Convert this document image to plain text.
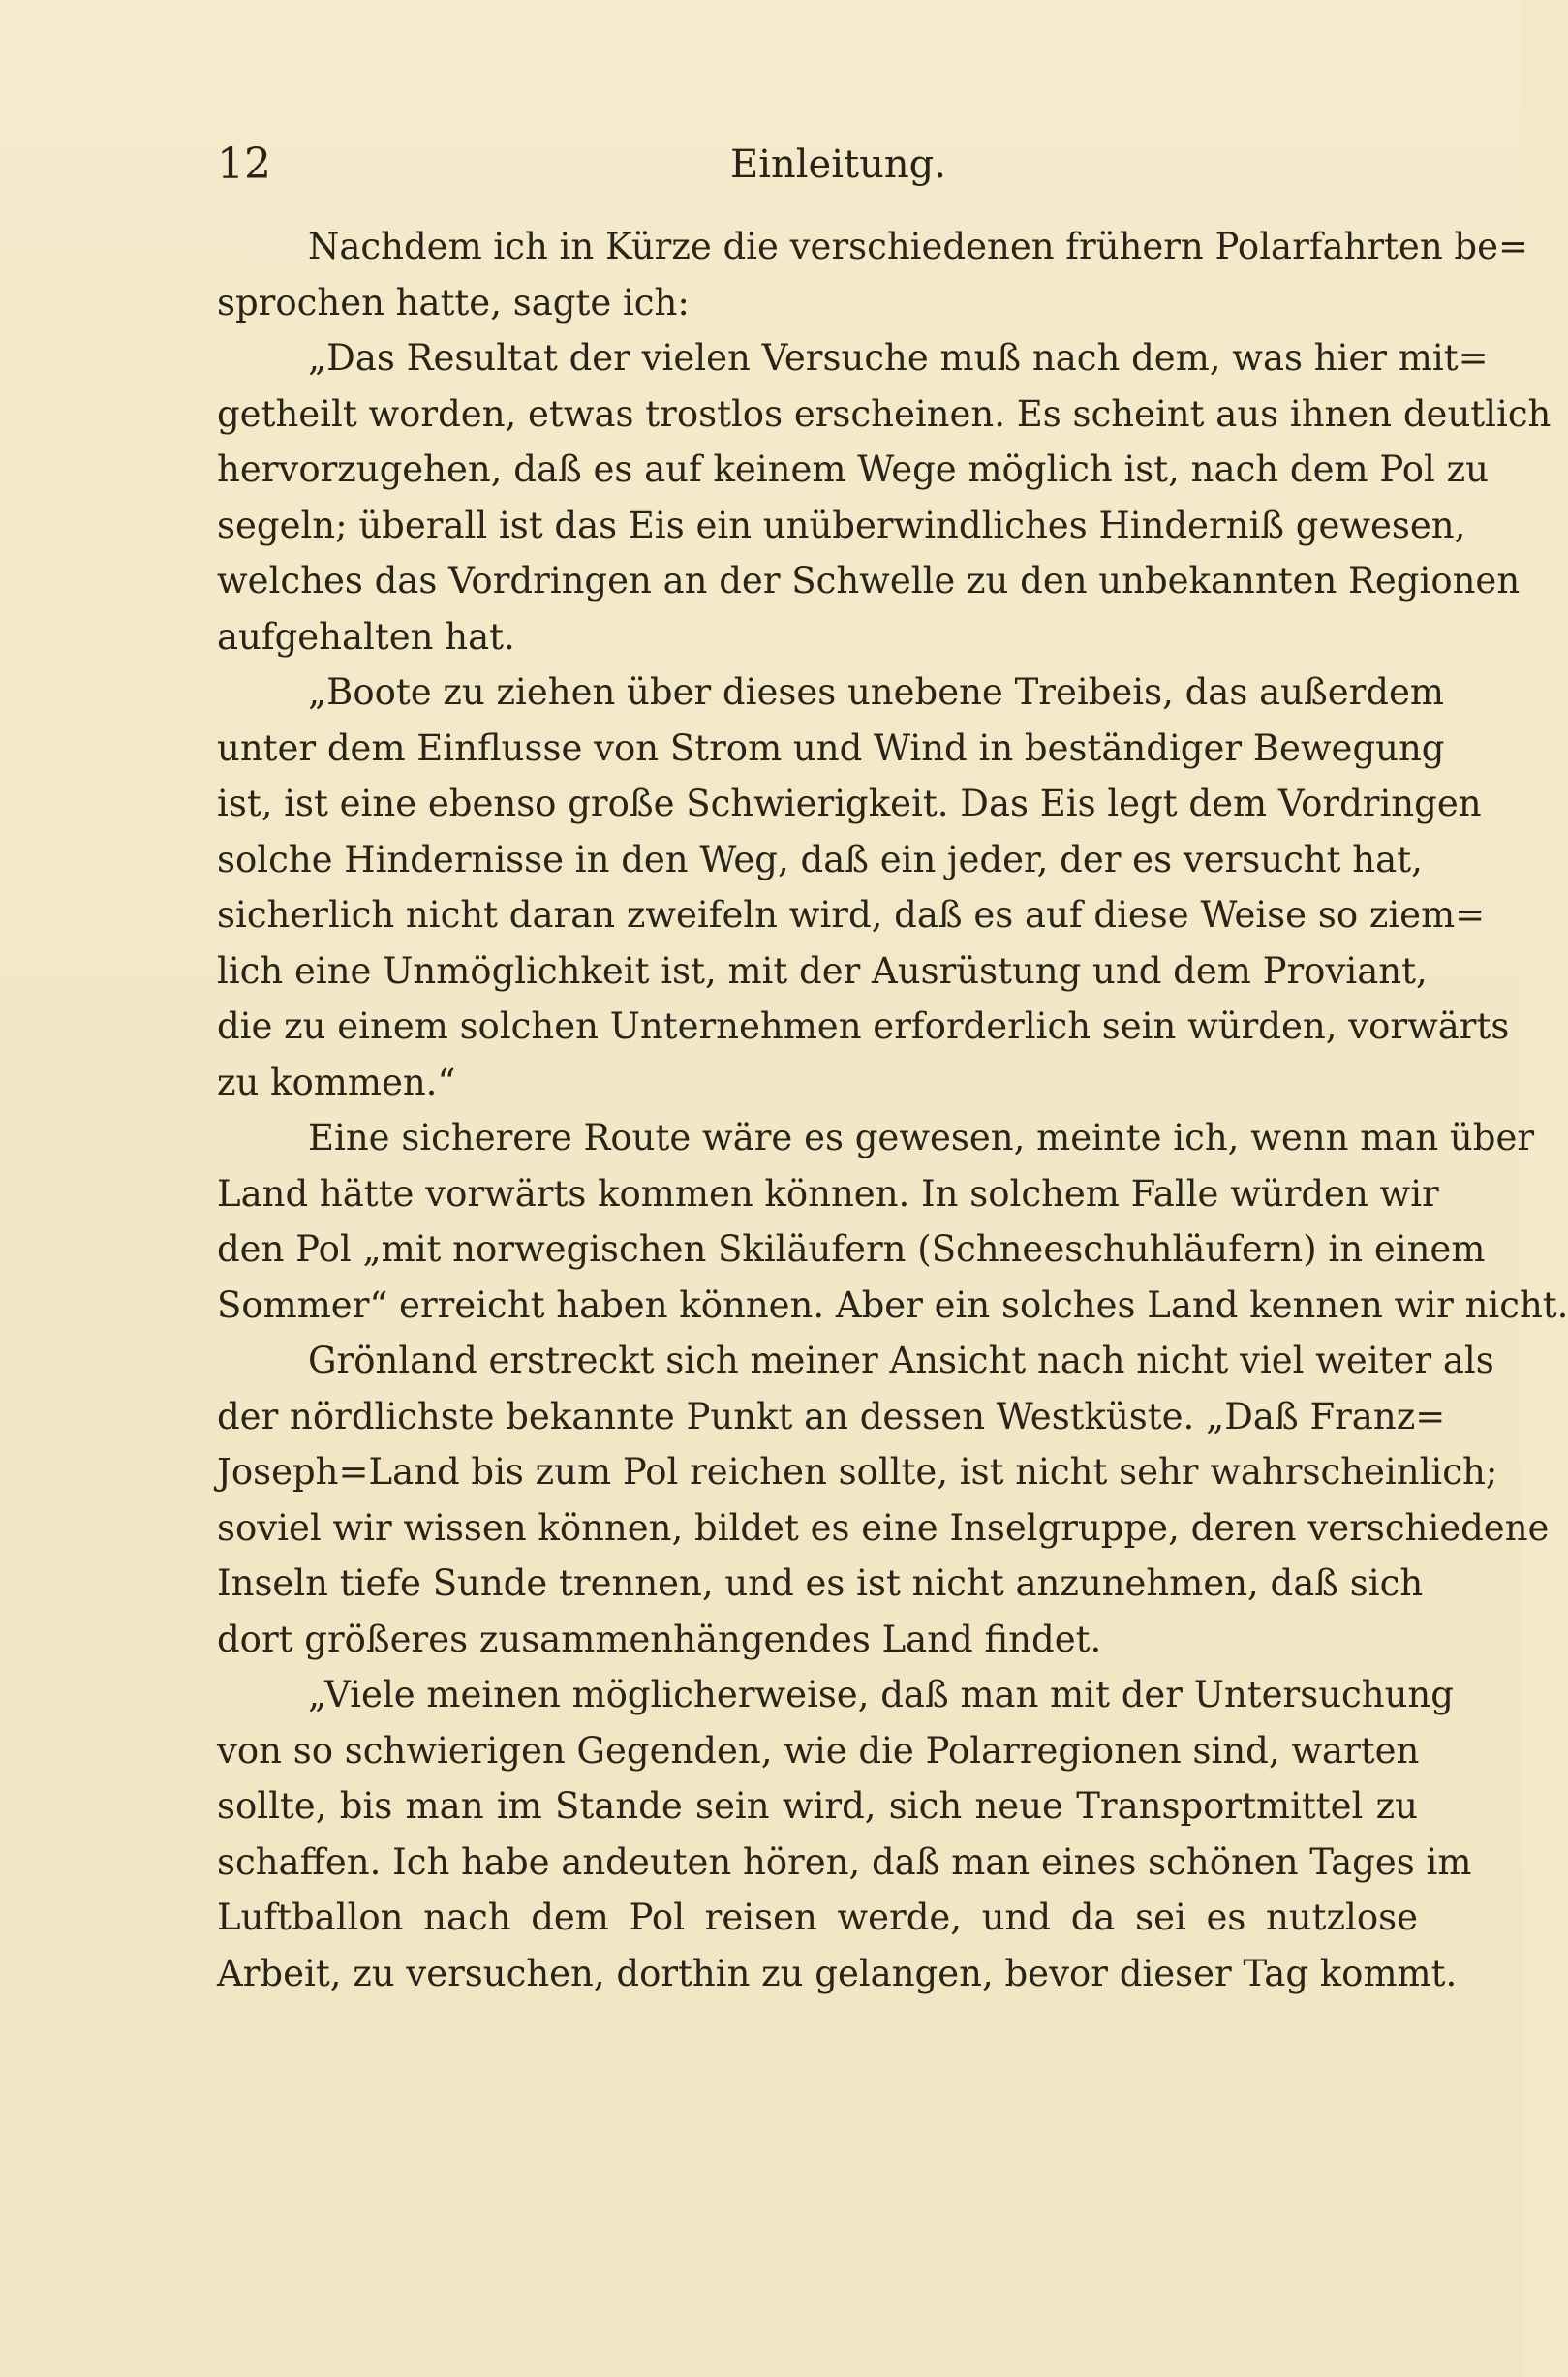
12	Einleitung.
Nachdem ich in Kürze die verschiedenen frühern Polarfahrten be=
sprochen hatte, sagte ich:
„Das Resultat der vielen Versuche muß nach dem, was hier mit=
getheilt worden, etwas trostlos erscheinen. Es scheint aus ihnen deutlich
hervorzugehen, daß es auf keinem Wege möglich ist, nach dem Pol zu
segeln; überall ist das Eis ein unüberwindliches Hinderniß gewesen,
welches das Vordringen an der Schwelle zu den unbekannten Regionen
aufgehalten hat.
„Boote zu ziehen über dieses unebene Treibeis, das außerdem
unter dem Einflusse von Strom und Wind in beständiger Bewegung
ist, ist eine ebenso große Schwierigkeit. Das Eis legt dem Vordringen
solche Hindernisse in den Weg, daß ein jeder, der es versucht hat,
sicherlich nicht daran zweifeln wird, daß es auf diese Weise so ziem=
lich eine Unmöglichkeit ist, mit der Ausrüstung und dem Proviant,
die zu einem solchen Unternehmen erforderlich sein würden, vorwärts
zu kommen.“
Eine sicherere Route wäre es gewesen, meinte ich, wenn man über
Land hätte vorwärts kommen können. In solchem Falle würden wir
den Pol „mit norwegischen Skiläufern (Schneeschuhläufern) in einem
Sommer“ erreicht haben können. Aber ein solches Land kennen wir nicht.
Grönland erstreckt sich meiner Ansicht nach nicht viel weiter als
der nördlichste bekannte Punkt an dessen Westküste. „Daß Franz=
Joseph=Land bis zum Pol reichen sollte, ist nicht sehr wahrscheinlich;
soviel wir wissen können, bildet es eine Inselgruppe, deren verschiedene
Inseln tiefe Sunde trennen, und es ist nicht anzunehmen, daß sich
dort größeres zusammenhängendes Land findet.
„Viele meinen möglicherweise, daß man mit der Untersuchung
von so schwierigen Gegenden, wie die Polarregionen sind, warten
sollte, bis man im Stande sein wird, sich neue Transportmittel zu
schaffen. Ich habe andeuten hören, daß man eines schönen Tages im
Luftballon nach dem Pol reisen werde, und da sei es nutzlose
Arbeit, zu versuchen, dorthin zu gelangen, bevor dieser Tag kommt.
